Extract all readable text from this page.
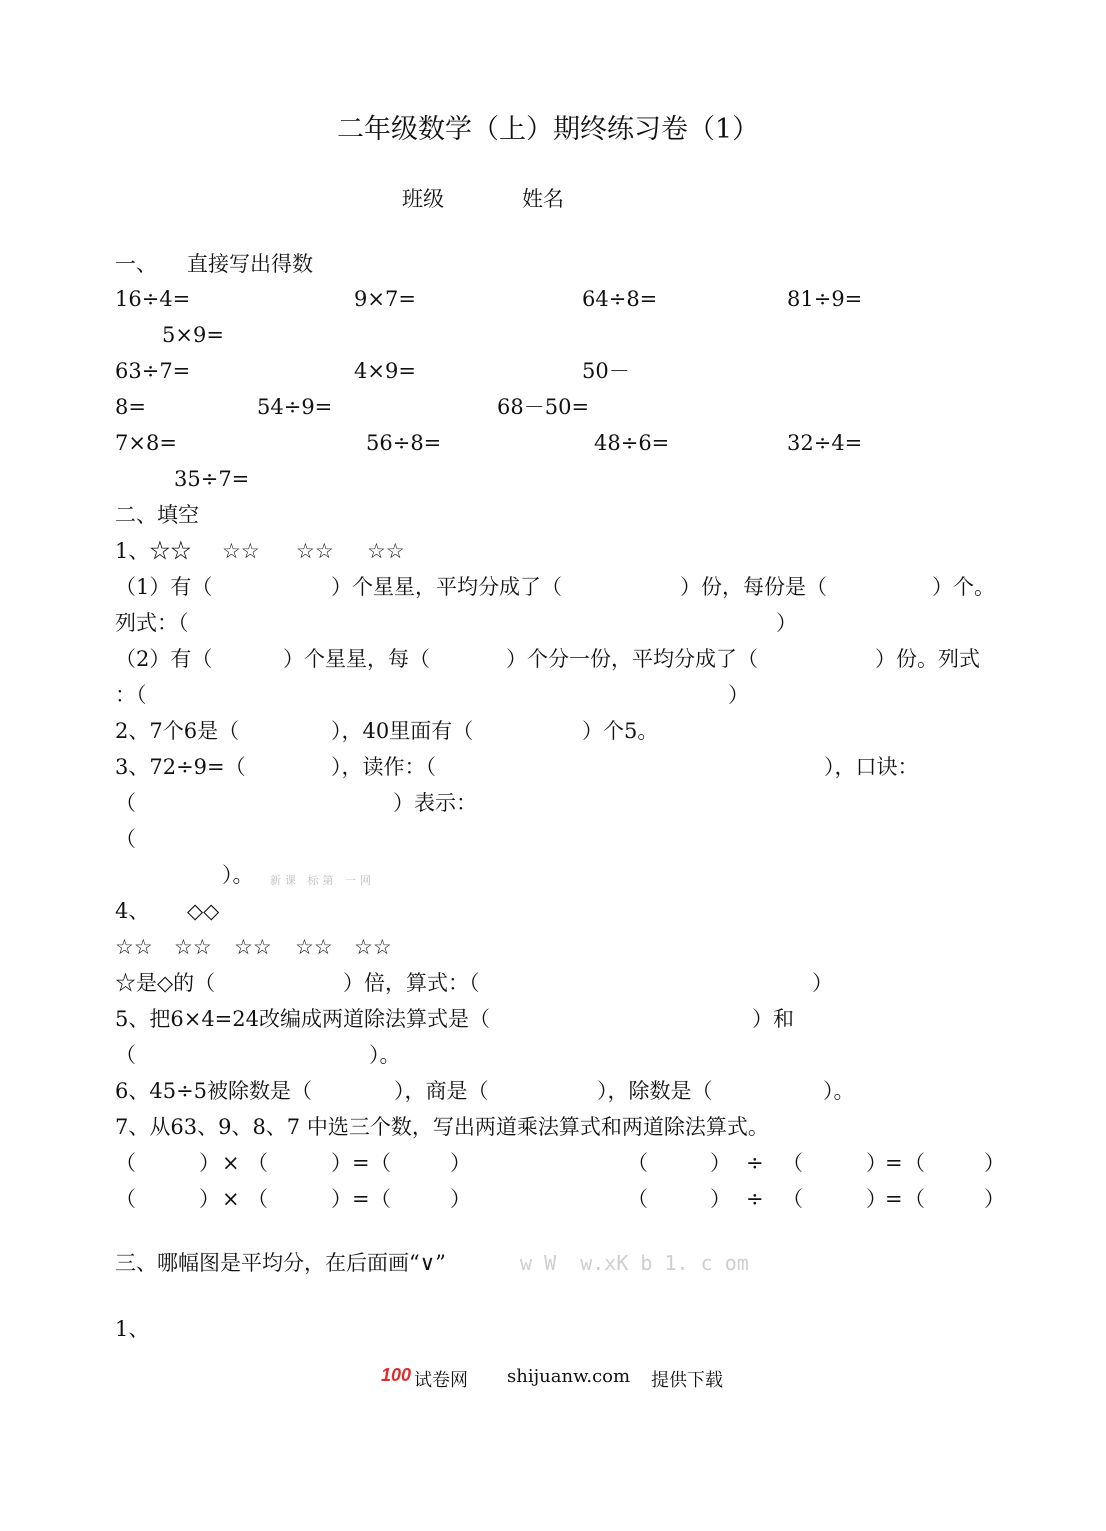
二年级数学（上）期终练习卷（1）
班级	姓名
一、 直接写出得数
16÷4=	9×7=	64÷8=	81÷9=
5×9=
63÷7=	4×9=	50－
8=	54÷9=	68－50=
7×8=	56÷8=	48÷6=	32÷4=
35÷7=
二、填空
1、☆☆ ☆☆ ☆☆ ☆☆
（1）有（	）个星星，平均分成了（	）份，每份是（	）个。
列式：（	）
（2）有（	）个星星，每（	）个分一份，平均分成了（	）份。列式
：（	）
2、7个6是（	），40里面有（	）个5。
3、72÷9=（	），读作：（	），口诀：
（	）表示：
（
）。 新课 标第 一网
4、 ◇◇
☆☆ ☆☆ ☆☆ ☆☆ ☆☆
☆是◇的（	）倍，算式：（	）
5、把6×4=24改编成两道除法算式是（	）和
（	）。
6、45÷5被除数是（	），商是（	），除数是（	）。
7、从63、9、8、7 中选三个数，写出两道乘法算式和两道除法算式。
（	） × （	） = （	）	（	） ÷ （	）
= （	）
（	） × （	） = （	）	（	） ÷ （	）
= （	）
三、哪幅图是平均分，在后面画“∨”	w W  w.xK b 1. c om
1、
100 试卷网 shijuanw.com 提供下载
